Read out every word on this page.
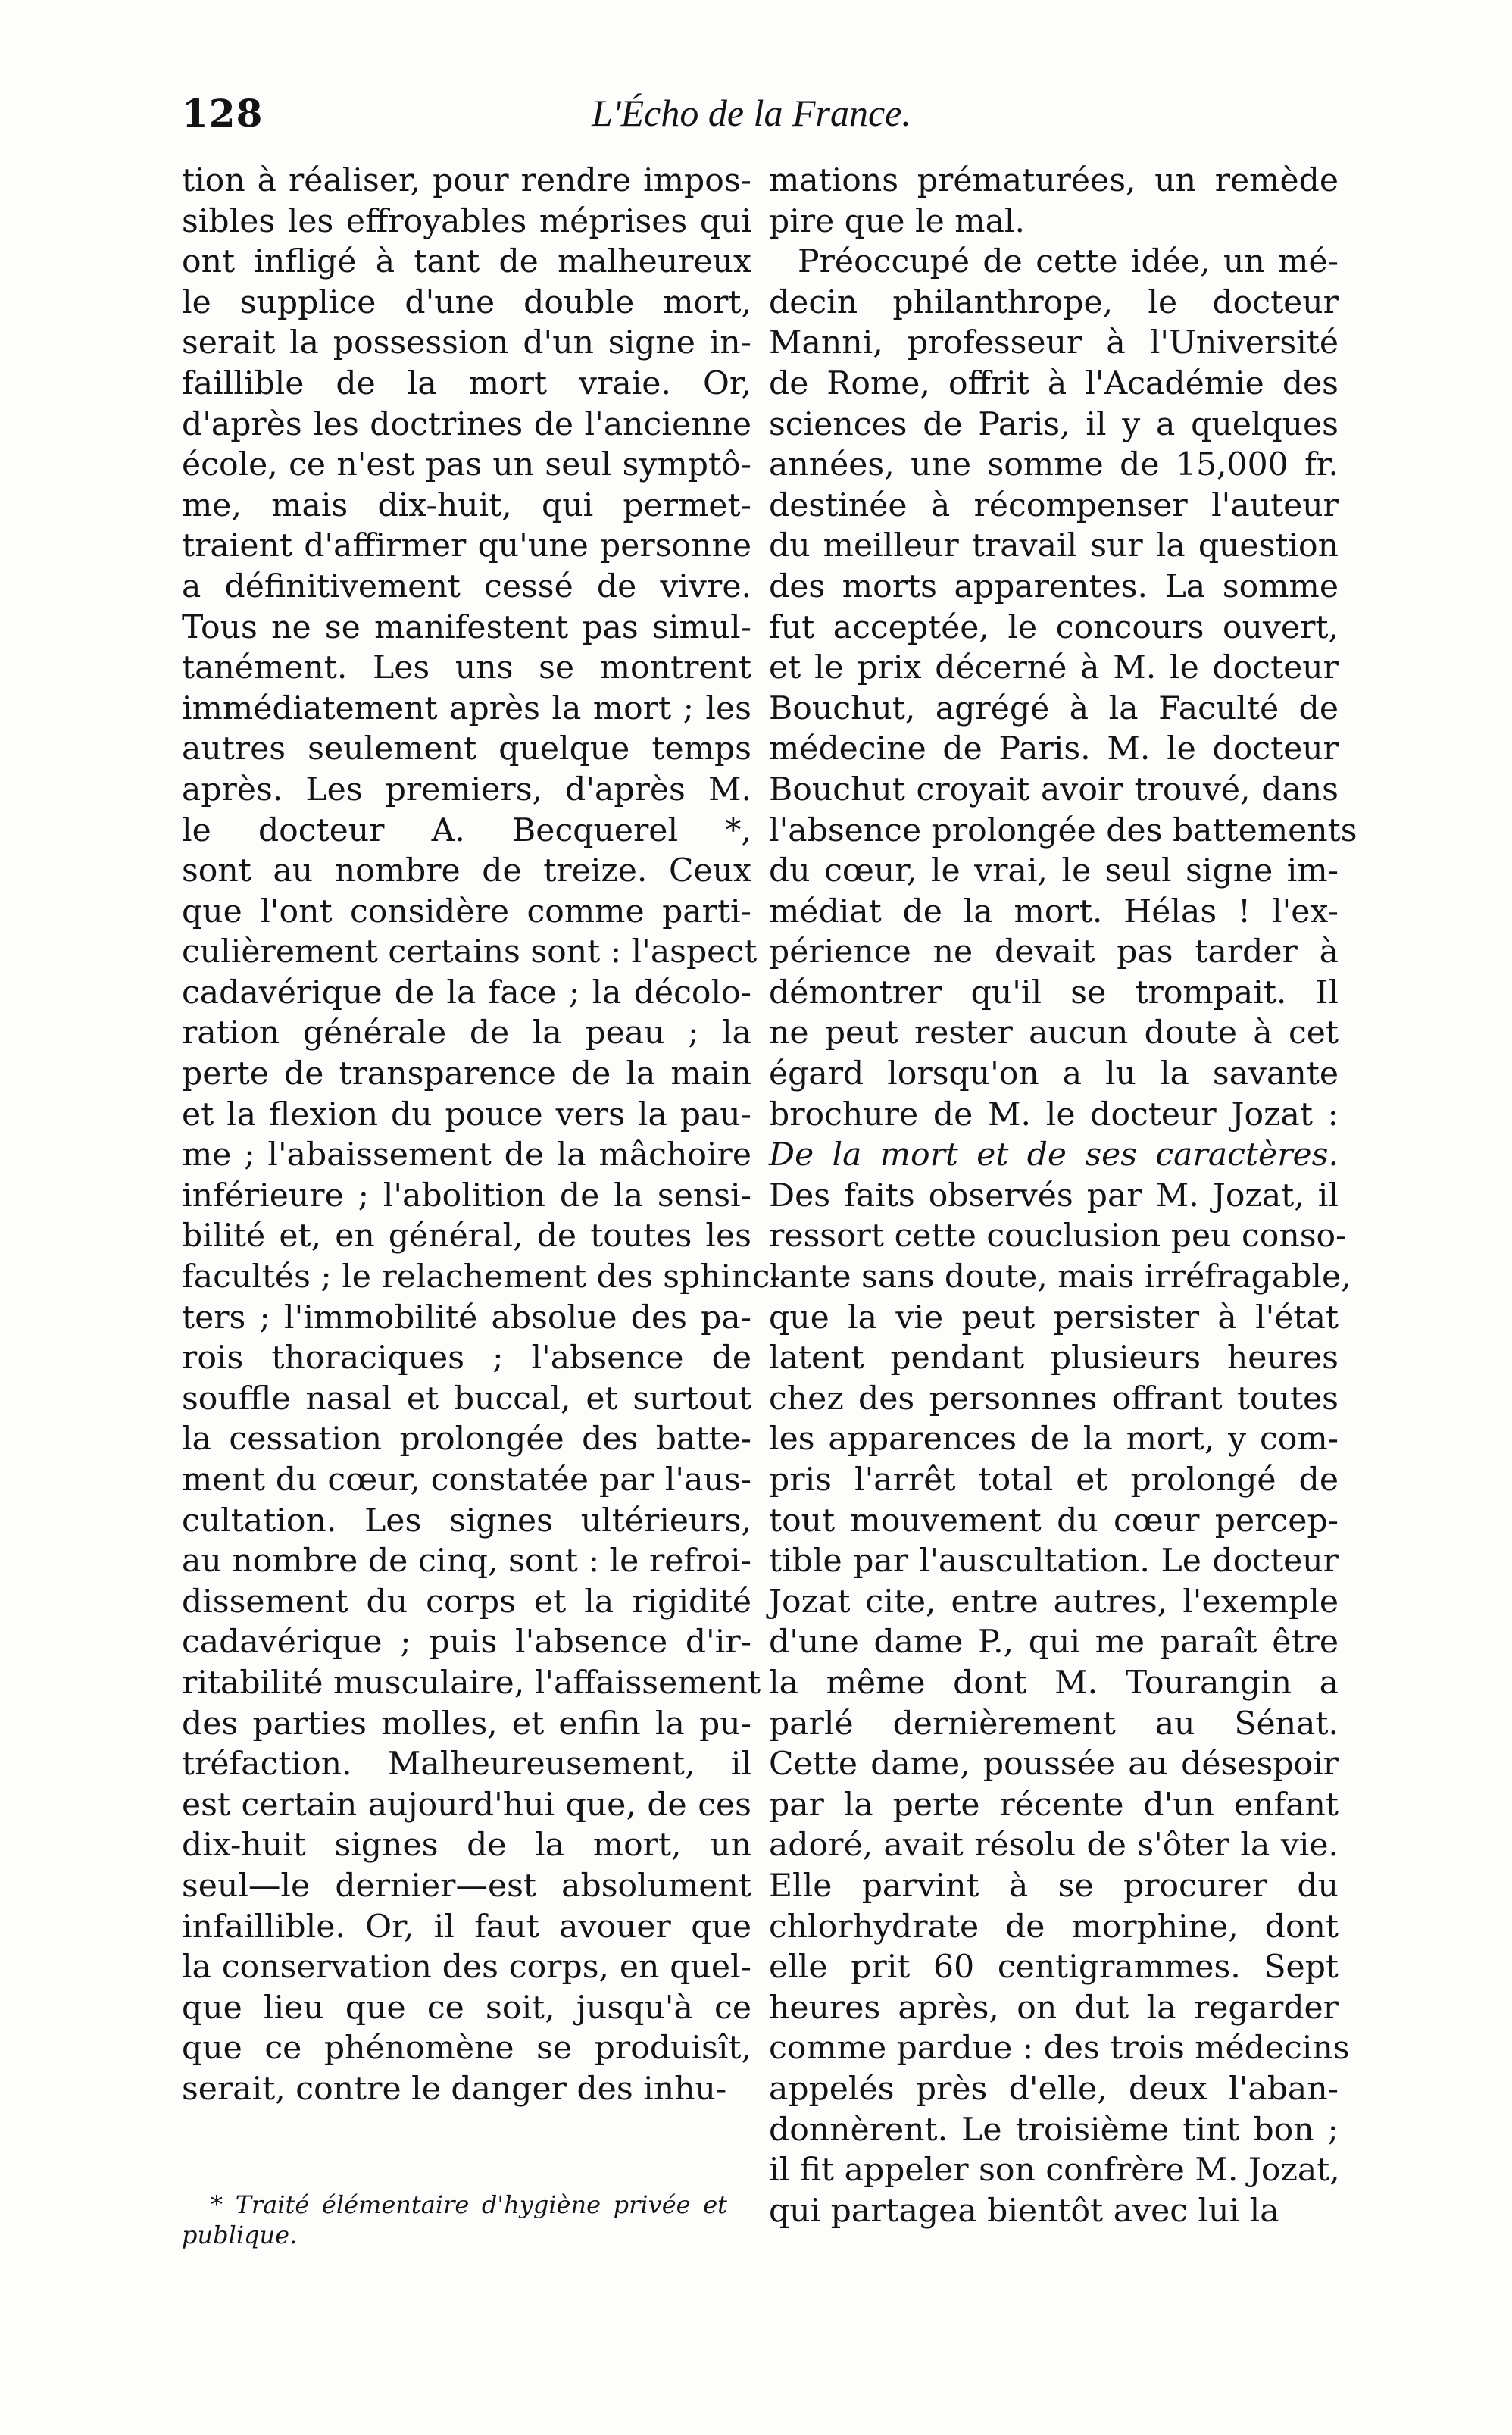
128	L'Écho de la France.
tion à réaliser, pour rendre impos-
sibles les effroyables méprises qui
ont infligé à tant de malheureux
le supplice d'une double mort,
serait la possession d'un signe in-
faillible de la mort vraie. Or,
d'après les doctrines de l'ancienne
école, ce n'est pas un seul symptô-
me, mais dix-huit, qui permet-
traient d'affirmer qu'une personne
a définitivement cessé de vivre.
Tous ne se manifestent pas simul-
tanément. Les uns se montrent
immédiatement après la mort ; les
autres seulement quelque temps
après. Les premiers, d'après M.
le docteur A. Becquerel *,
sont au nombre de treize. Ceux
que l'ont considère comme parti-
culièrement certains sont : l'aspect
cadavérique de la face ; la décolo-
ration générale de la peau ; la
perte de transparence de la main
et la flexion du pouce vers la pau-
me ; l'abaissement de la mâchoire
inférieure ; l'abolition de la sensi-
bilité et, en général, de toutes les
facultés ; le relachement des sphinc-
ters ; l'immobilité absolue des pa-
rois thoraciques ; l'absence de
souffle nasal et buccal, et surtout
la cessation prolongée des batte-
ment du cœur, constatée par l'aus-
cultation. Les signes ultérieurs,
au nombre de cinq, sont : le refroi-
dissement du corps et la rigidité
cadavérique ; puis l'absence d'ir-
ritabilité musculaire, l'affaissement
des parties molles, et enfin la pu-
tréfaction. Malheureusement, il
est certain aujourd'hui que, de ces
dix-huit signes de la mort, un
seul—le dernier—est absolument
infaillible. Or, il faut avouer que
la conservation des corps, en quel-
que lieu que ce soit, jusqu'à ce
que ce phénomène se produisît,
serait, contre le danger des inhu-
mations prématurées, un remède
pire que le mal.
Préoccupé de cette idée, un mé-
decin philanthrope, le docteur
Manni, professeur à l'Université
de Rome, offrit à l'Académie des
sciences de Paris, il y a quelques
années, une somme de 15,000 fr.
destinée à récompenser l'auteur
du meilleur travail sur la question
des morts apparentes. La somme
fut acceptée, le concours ouvert,
et le prix décerné à M. le docteur
Bouchut, agrégé à la Faculté de
médecine de Paris. M. le docteur
Bouchut croyait avoir trouvé, dans
l'absence prolongée des battements
du cœur, le vrai, le seul signe im-
médiat de la mort. Hélas ! l'ex-
périence ne devait pas tarder à
démontrer qu'il se trompait. Il
ne peut rester aucun doute à cet
égard lorsqu'on a lu la savante
brochure de M. le docteur Jozat :
De la mort et de ses caractères.
Des faits observés par M. Jozat, il
ressort cette couclusion peu conso-
lante sans doute, mais irréfragable,
que la vie peut persister à l'état
latent pendant plusieurs heures
chez des personnes offrant toutes
les apparences de la mort, y com-
pris l'arrêt total et prolongé de
tout mouvement du cœur percep-
tible par l'auscultation. Le docteur
Jozat cite, entre autres, l'exemple
d'une dame P., qui me paraît être
la même dont M. Tourangin a
parlé dernièrement au Sénat.
Cette dame, poussée au désespoir
par la perte récente d'un enfant
adoré, avait résolu de s'ôter la vie.
Elle parvint à se procurer du
chlorhydrate de morphine, dont
elle prit 60 centigrammes. Sept
heures après, on dut la regarder
comme pardue : des trois médecins
appelés près d'elle, deux l'aban-
donnèrent. Le troisième tint bon ;
il fit appeler son confrère M. Jozat,
qui partagea bientôt avec lui la
* Traité élémentaire d'hygiène privée et
publique.
